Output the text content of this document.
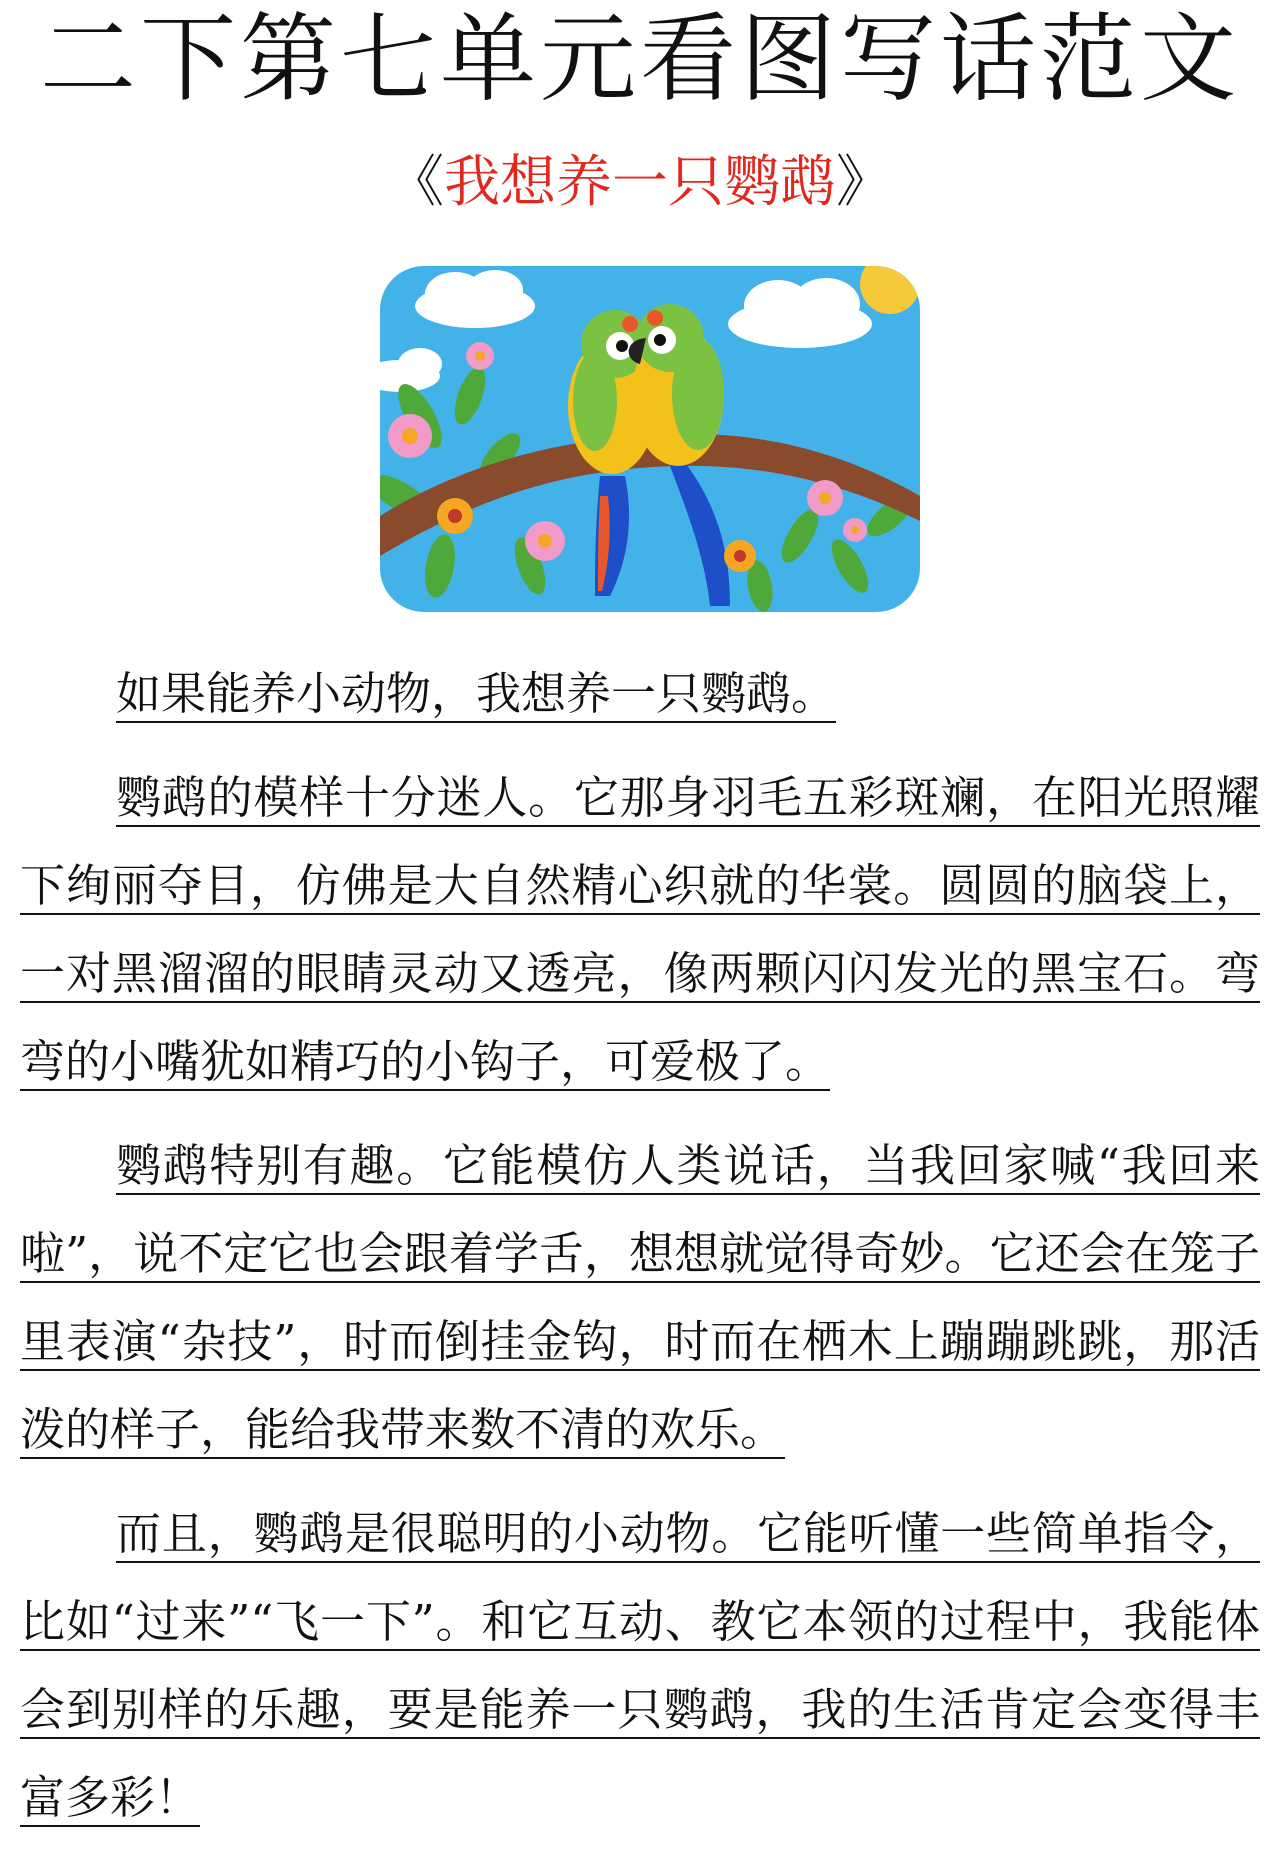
二下第七单元看图写话范文
《我想养一只鹦鹉》

如果能养小动物，我想养一只鹦鹉。

鹦鹉的模样十分迷人。它那身羽毛五彩斑斓，在阳光照耀下绚丽夺目，仿佛是大自然精心织就的华裳。圆圆的脑袋上，一对黑溜溜的眼睛灵动又透亮，像两颗闪闪发光的黑宝石。弯弯的小嘴犹如精巧的小钩子，可爱极了。

鹦鹉特别有趣。它能模仿人类说话，当我回家喊“我回来啦”，说不定它也会跟着学舌，想想就觉得奇妙。它还会在笼子里表演“杂技”，时而倒挂金钩，时而在栖木上蹦蹦跳跳，那活泼的样子，能给我带来数不清的欢乐。

而且，鹦鹉是很聪明的小动物。它能听懂一些简单指令，比如“过来”“飞一下”。和它互动、教它本领的过程中，我能体会到别样的乐趣，要是能养一只鹦鹉，我的生活肯定会变得丰富多彩！
